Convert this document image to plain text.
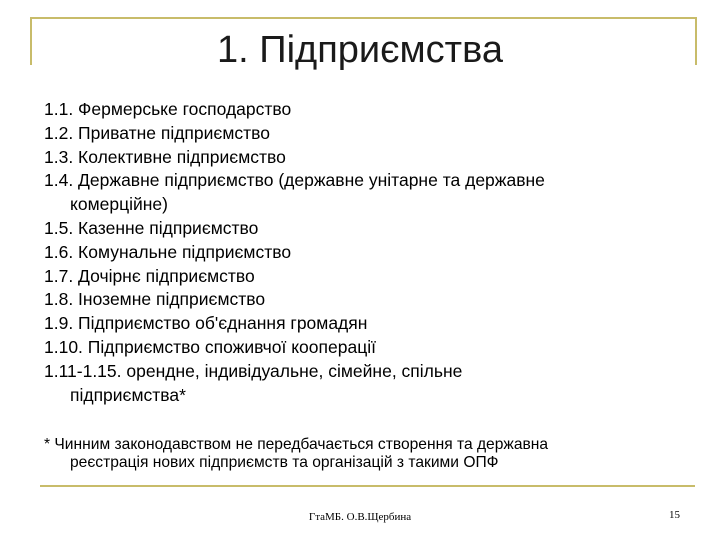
1. Підприємства
1.1. Фермерське господарство
1.2. Приватне підприємство
1.3. Колективне підприємство
1.4. Державне підприємство (державне унітарне та державне
комерційне)
1.5. Казенне підприємство
1.6. Комунальне підприємство
1.7. Дочірнє підприємство
1.8. Іноземне підприємство
1.9. Підприємство об'єднання громадян
1.10. Підприємство споживчої кооперації
1.11-1.15. орендне, індивідуальне, сімейне, спільне
підприємства*
* Чинним законодавством не передбачається створення та державна
реєстрація нових підприємств та організацій з такими ОПФ
ГтаМБ. О.В.Щербина	15
